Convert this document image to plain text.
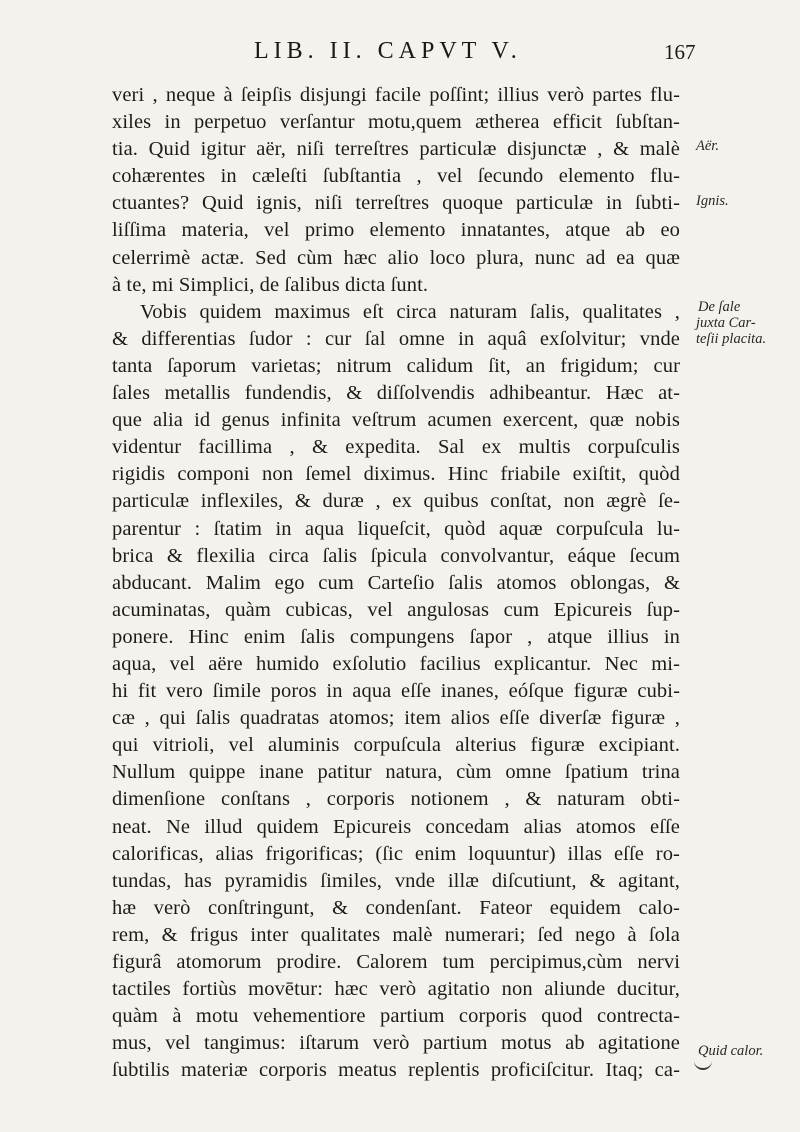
LIB. II. CAPVT V.	167
veri , neque à ſeipſis disjungi facile poſſint; illius verò partes flu-
xiles in perpetuo verſantur motu,quem ætherea efficit ſubſtan-
tia. Quid igitur aër, niſi terreſtres particulæ disjunctæ , & malè
cohærentes in cæleſti ſubſtantia , vel ſecundo elemento flu-
ctuantes? Quid ignis, niſi terreſtres quoque particulæ in ſubti-
liſſima materia, vel primo elemento innatantes, atque ab eo
celerrimè actæ. Sed cùm hæc alio loco plura, nunc ad ea quæ
à te, mi Simplici, de ſalibus dicta ſunt.
Vobis quidem maximus eſt circa naturam ſalis, qualitates ,
& differentias ſudor : cur ſal omne in aquâ exſolvitur; vnde
tanta ſaporum varietas; nitrum calidum ſit, an frigidum; cur
ſales metallis fundendis, & diſſolvendis adhibeantur. Hæc at-
que alia id genus infinita veſtrum acumen exercent, quæ nobis
videntur facillima , & expedita. Sal ex multis corpuſculis
rigidis componi non ſemel diximus. Hinc friabile exiſtit, quòd
particulæ inflexiles, & duræ , ex quibus conſtat, non ægrè ſe-
parentur : ſtatim in aqua liqueſcit, quòd aquæ corpuſcula lu-
brica & flexilia circa ſalis ſpicula convolvantur, eáque ſecum
abducant. Malim ego cum Carteſio ſalis atomos oblongas, &
acuminatas, quàm cubicas, vel angulosas cum Epicureis ſup-
ponere. Hinc enim ſalis compungens ſapor , atque illius in
aqua, vel aëre humido exſolutio facilius explicantur. Nec mi-
hi fit vero ſimile poros in aqua eſſe inanes, eóſque figuræ cubi-
cæ , qui ſalis quadratas atomos; item alios eſſe diverſæ figuræ ,
qui vitrioli, vel aluminis corpuſcula alterius figuræ excipiant.
Nullum quippe inane patitur natura, cùm omne ſpatium trina
dimenſione conſtans , corporis notionem , & naturam obti-
neat. Ne illud quidem Epicureis concedam alias atomos eſſe
calorificas, alias frigorificas; (ſic enim loquuntur) illas eſſe ro-
tundas, has pyramidis ſimiles, vnde illæ diſcutiunt, & agitant,
hæ verò conſtringunt, & condenſant. Fateor equidem calo-
rem, & frigus inter qualitates malè numerari; ſed nego à ſola
figurâ atomorum prodire. Calorem tum percipimus,cùm nervi
tactiles fortiùs movētur: hæc verò agitatio non aliunde ducitur,
quàm à motu vehementiore partium corporis quod contrecta-
mus, vel tangimus: iſtarum verò partium motus ab agitatione
ſubtilis materiæ corporis meatus replentis proficiſcitur. Itaq; ca-
Aër.
Ignis.
De ſale
juxta Car-
teſii placita.
Quid calor.
